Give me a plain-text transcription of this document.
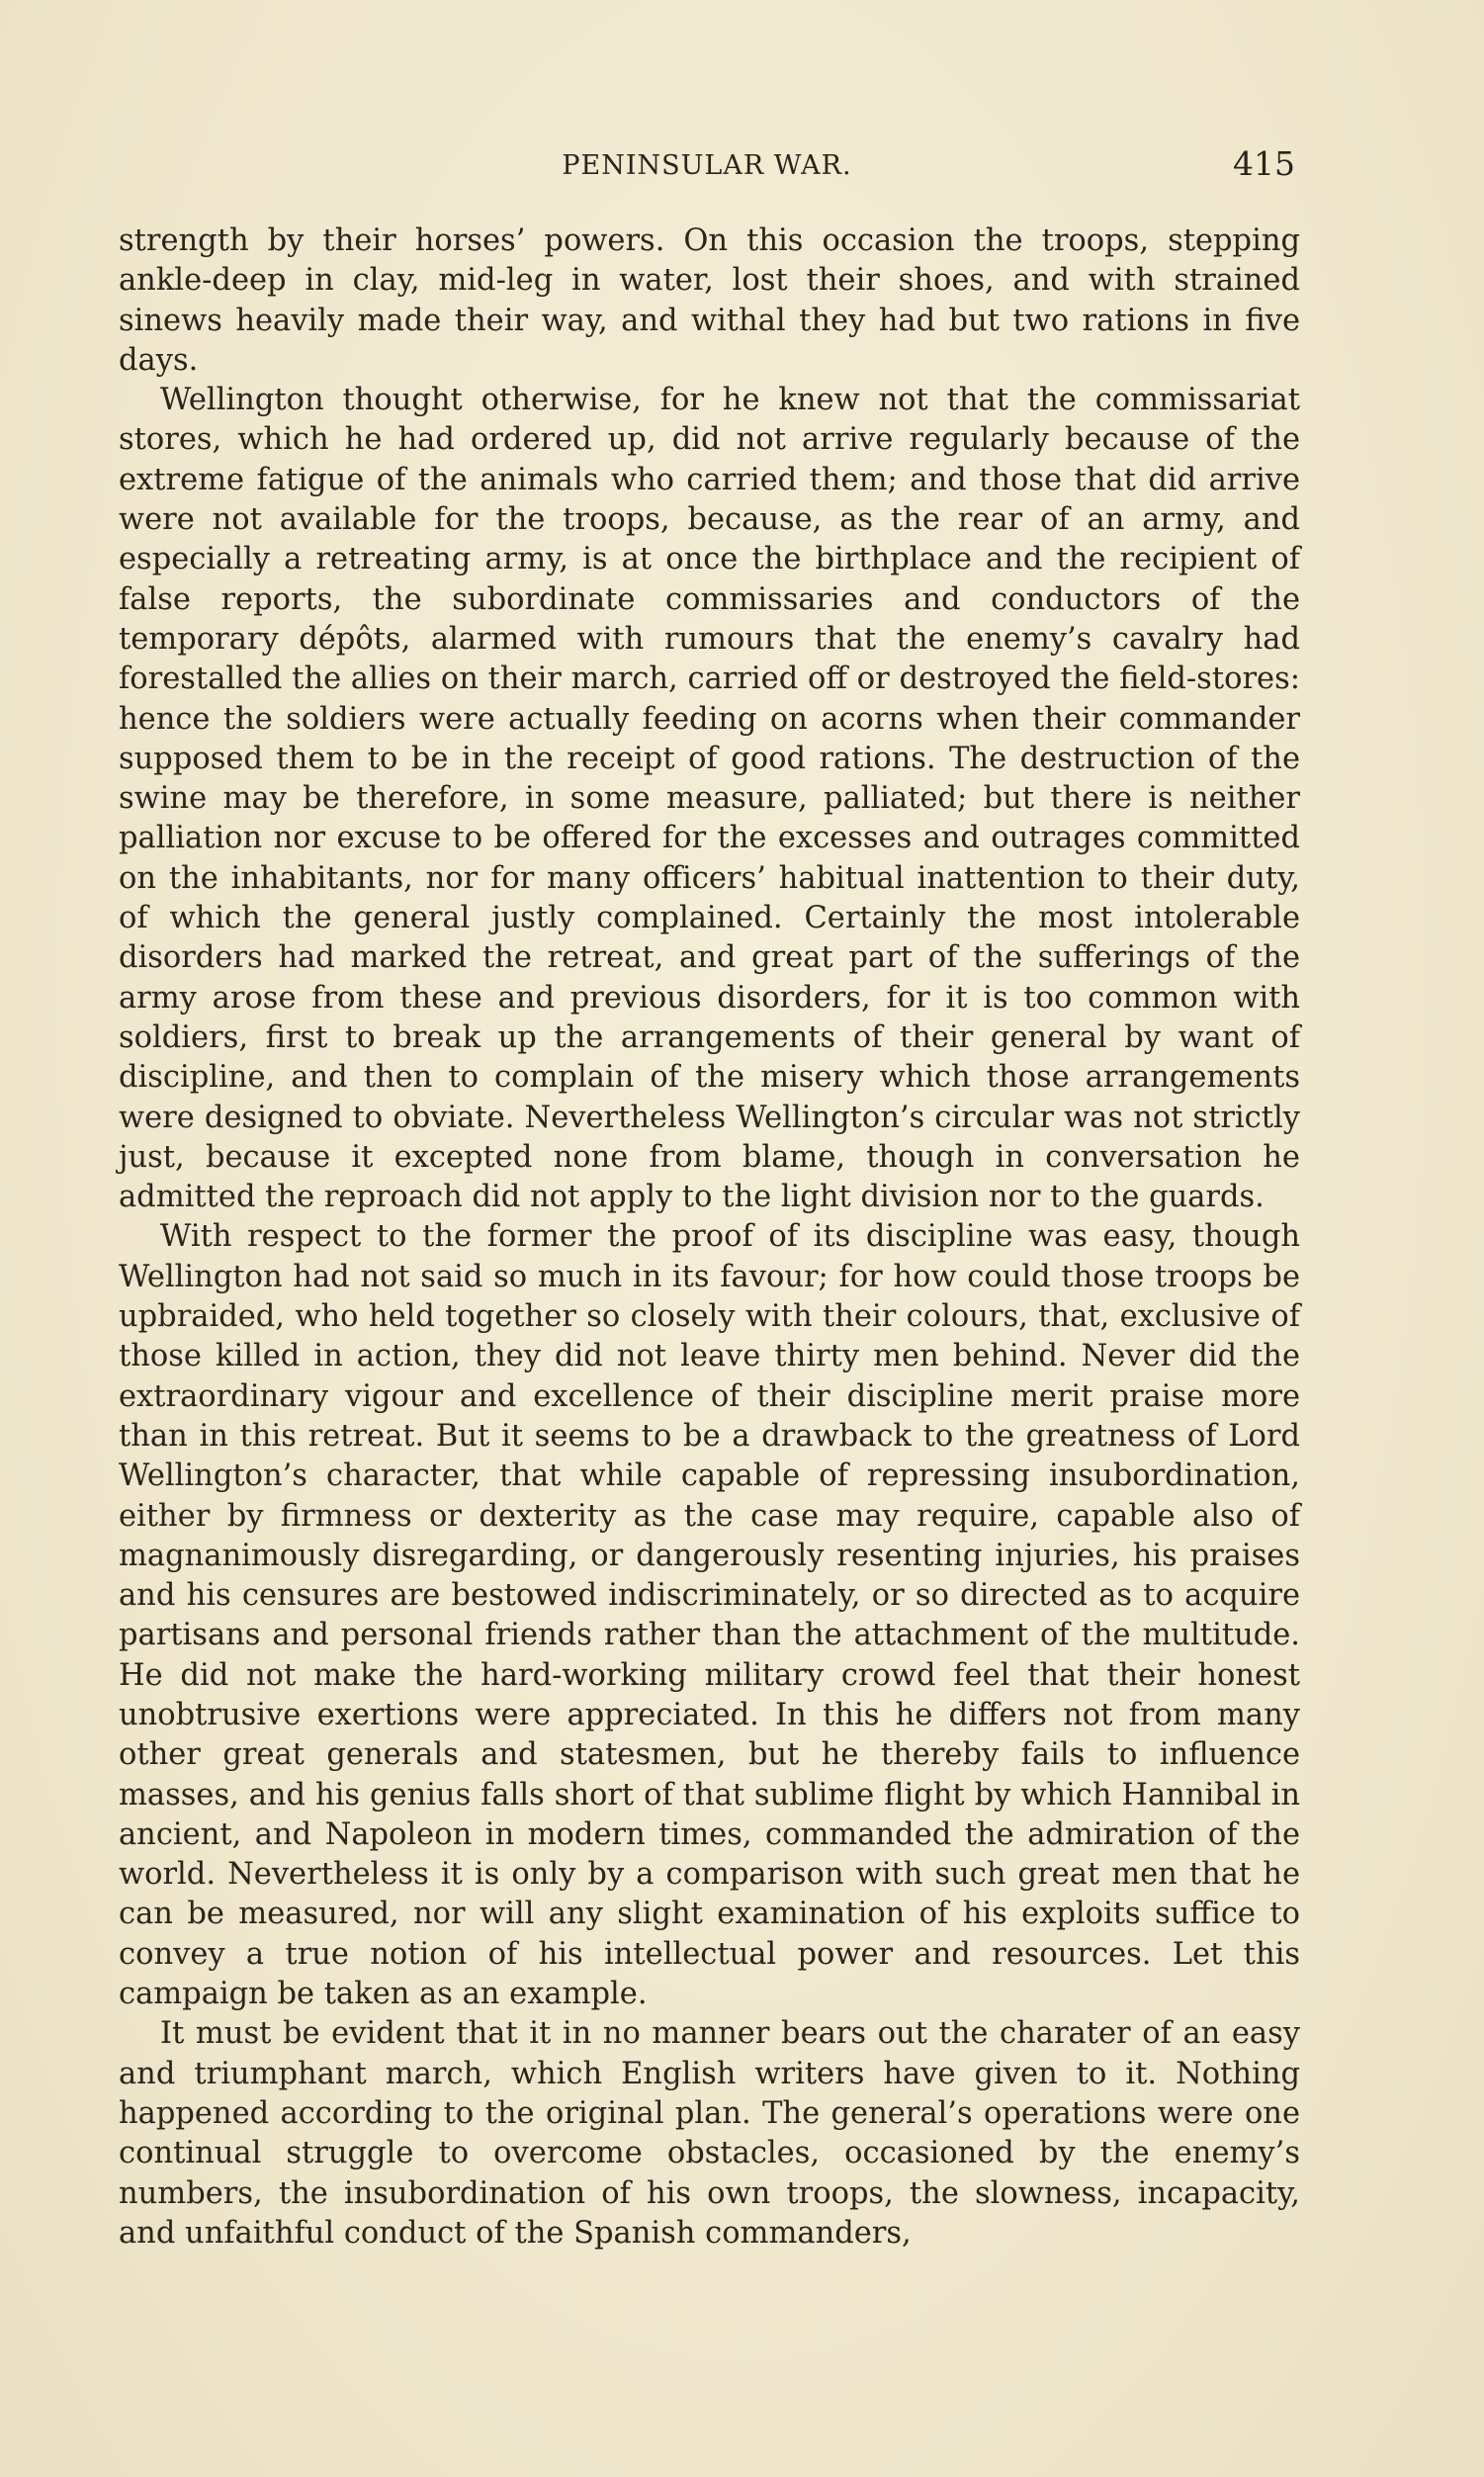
PENINSULAR WAR.	415

strength by their horses’ powers. On this occasion the troops, stepping ankle-deep in clay, mid-leg in water, lost their shoes, and with strained sinews heavily made their way, and withal they had but two rations in five days.

Wellington thought otherwise, for he knew not that the commissariat stores, which he had ordered up, did not arrive regularly because of the extreme fatigue of the animals who carried them; and those that did arrive were not available for the troops, because, as the rear of an army, and especially a retreating army, is at once the birthplace and the recipient of false reports, the subordinate commissaries and conductors of the temporary dépôts, alarmed with rumours that the enemy’s cavalry had forestalled the allies on their march, carried off or destroyed the field-stores: hence the soldiers were actually feeding on acorns when their commander supposed them to be in the receipt of good rations. The destruction of the swine may be therefore, in some measure, palliated; but there is neither palliation nor excuse to be offered for the excesses and outrages committed on the inhabitants, nor for many officers’ habitual inattention to their duty, of which the general justly complained. Certainly the most intolerable disorders had marked the retreat, and great part of the sufferings of the army arose from these and previous disorders, for it is too common with soldiers, first to break up the arrangements of their general by want of discipline, and then to complain of the misery which those arrangements were designed to obviate. Nevertheless Wellington’s circular was not strictly just, because it excepted none from blame, though in conversation he admitted the reproach did not apply to the light division nor to the guards.

With respect to the former the proof of its discipline was easy, though Wellington had not said so much in its favour; for how could those troops be upbraided, who held together so closely with their colours, that, exclusive of those killed in action, they did not leave thirty men behind. Never did the extraordinary vigour and excellence of their discipline merit praise more than in this retreat. But it seems to be a drawback to the greatness of Lord Wellington’s character, that while capable of repressing insubordination, either by firmness or dexterity as the case may require, capable also of magnanimously disregarding, or dangerously resenting injuries, his praises and his censures are bestowed indiscriminately, or so directed as to acquire partisans and personal friends rather than the attachment of the multitude. He did not make the hard-working military crowd feel that their honest unobtrusive exertions were appreciated. In this he differs not from many other great generals and statesmen, but he thereby fails to influence masses, and his genius falls short of that sublime flight by which Hannibal in ancient, and Napoleon in modern times, commanded the admiration of the world. Nevertheless it is only by a comparison with such great men that he can be measured, nor will any slight examination of his exploits suffice to convey a true notion of his intellectual power and resources. Let this campaign be taken as an example.

It must be evident that it in no manner bears out the charater of an easy and triumphant march, which English writers have given to it. Nothing happened according to the original plan. The general’s operations were one continual struggle to overcome obstacles, occasioned by the enemy’s numbers, the insubordination of his own troops, the slowness, incapacity, and unfaithful conduct of the Spanish commanders,
